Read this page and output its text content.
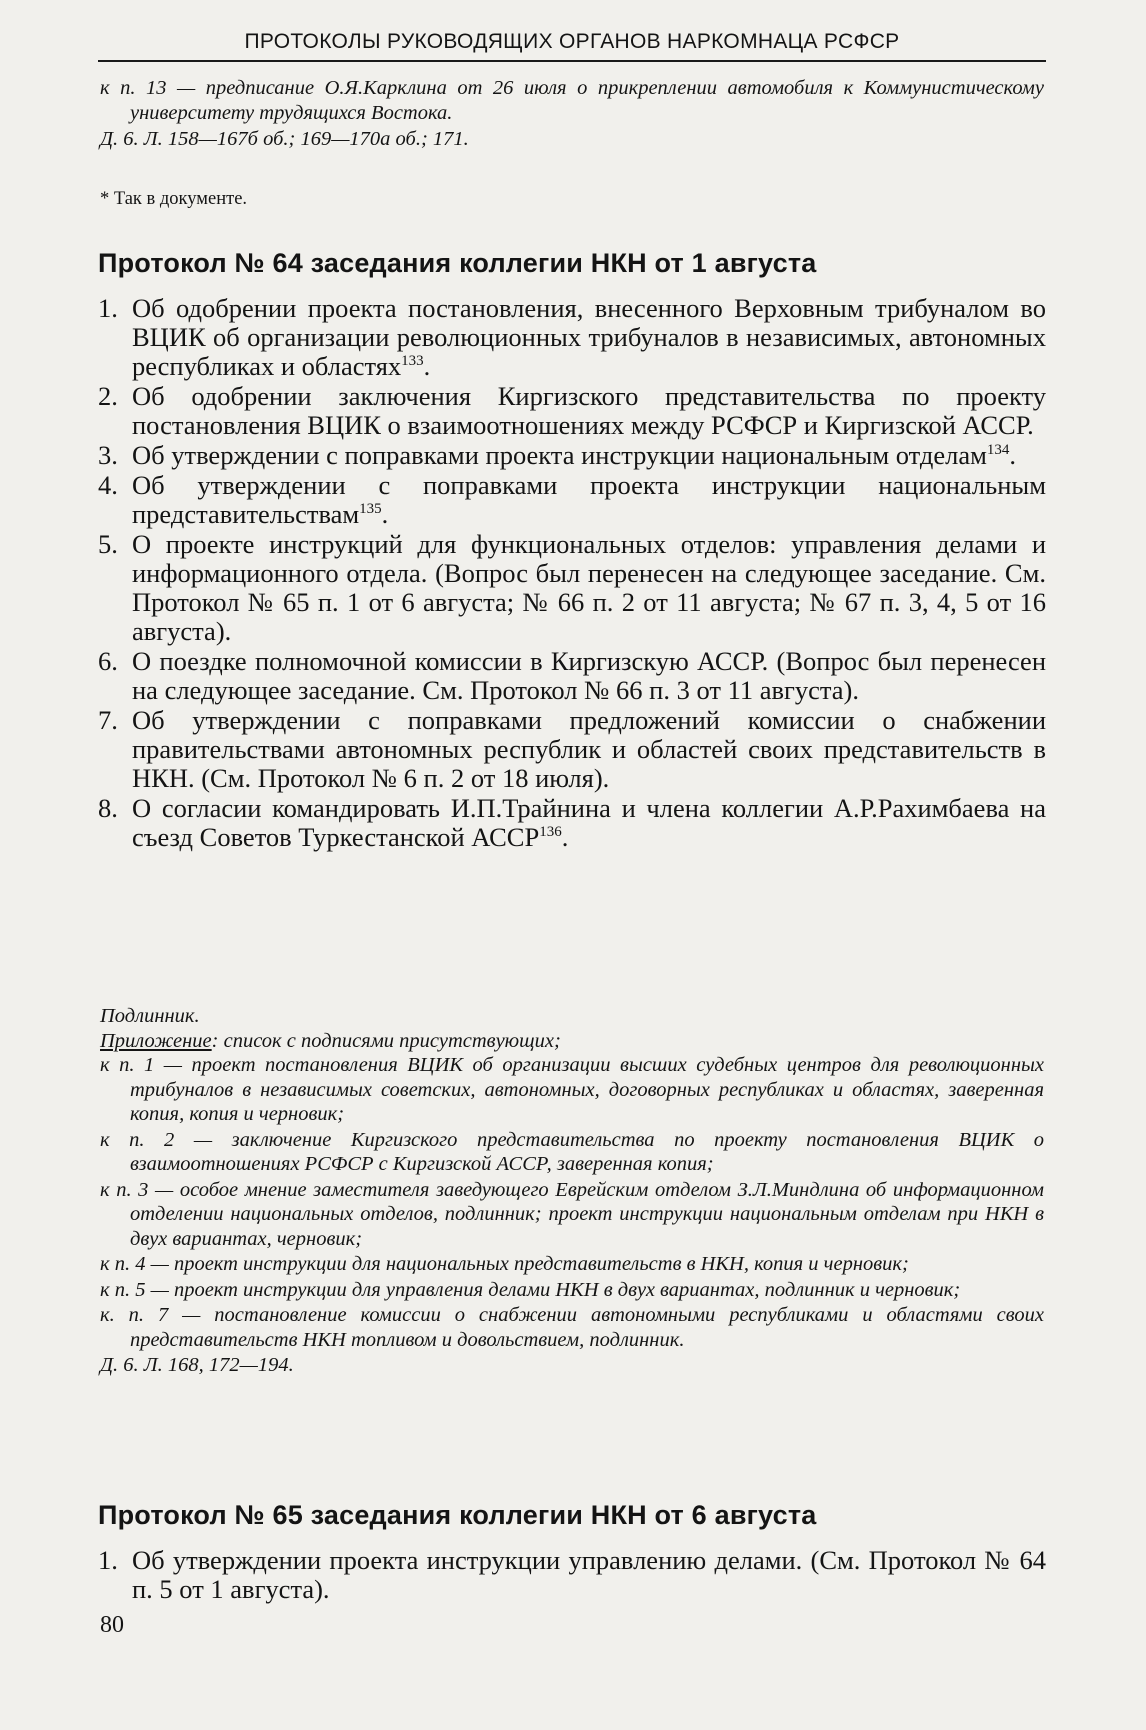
ПРОТОКОЛЫ РУКОВОДЯЩИХ ОРГАНОВ НАРКОМНАЦА РСФСР

к п. 13 — предписание О.Я.Карклина от 26 июля о прикреплении автомобиля к Коммунистическому университету трудящихся Востока.

Д. 6. Л. 158—167б об.; 169—170а об.; 171.

* Так в документе.
Протокол № 64 заседания коллегии НКН от 1 августа
1. Об одобрении проекта постановления, внесенного Верховным трибуналом во ВЦИК об организации революционных трибуналов в независимых, автономных республиках и областях$^{133}$.
2. Об одобрении заключения Киргизского представительства по проекту постановления ВЦИК о взаимоотношениях между РСФСР и Киргизской АССР.
3. Об утверждении с поправками проекта инструкции национальным отделам$^{134}$.
4. Об утверждении с поправками проекта инструкции национальным представительствам$^{135}$.
5. О проекте инструкций для функциональных отделов: управления делами и информационного отдела. (Вопрос был перенесен на следующее заседание. См. Протокол № 65 п. 1 от 6 августа; № 66 п. 2 от 11 августа; № 67 п. 3, 4, 5 от 16 августа).
6. О поездке полномочной комиссии в Киргизскую АССР. (Вопрос был перенесен на следующее заседание. См. Протокол № 66 п. 3 от 11 августа).
7. Об утверждении с поправками предложений комиссии о снабжении правительствами автономных республик и областей своих представительств в НКН. (См. Протокол № 6 п. 2 от 18 июля).
8. О согласии командировать И.П.Трайнина и члена коллегии А.Р.Рахимбаева на съезд Советов Туркестанской АССР$^{136}$.

Подлинник.

Приложение: список с подписями присутствующих;

к п. 1 — проект постановления ВЦИК об организации высших судебных центров для революционных трибуналов в независимых советских, автономных, договорных республиках и областях, заверенная копия, копия и черновик;

к п. 2 — заключение Киргизского представительства по проекту постановления ВЦИК о взаимоотношениях РСФСР с Киргизской АССР, заверенная копия;

к п. 3 — особое мнение заместителя заведующего Еврейским отделом З.Л.Миндлина об информационном отделении национальных отделов, подлинник; проект инструкции национальным отделам при НКН в двух вариантах, черновик;

к п. 4 — проект инструкции для национальных представительств в НКН, копия и черновик;

к п. 5 — проект инструкции для управления делами НКН в двух вариантах, подлинник и черновик;

к. п. 7 — постановление комиссии о снабжении автономными республиками и областями своих представительств НКН топливом и довольствием, подлинник.

Д. 6. Л. 168, 172—194.

Протокол № 65 заседания коллегии НКН от 6 августа
1. Об утверждении проекта инструкции управлению делами. (См. Протокол № 64 п. 5 от 1 августа).
80
